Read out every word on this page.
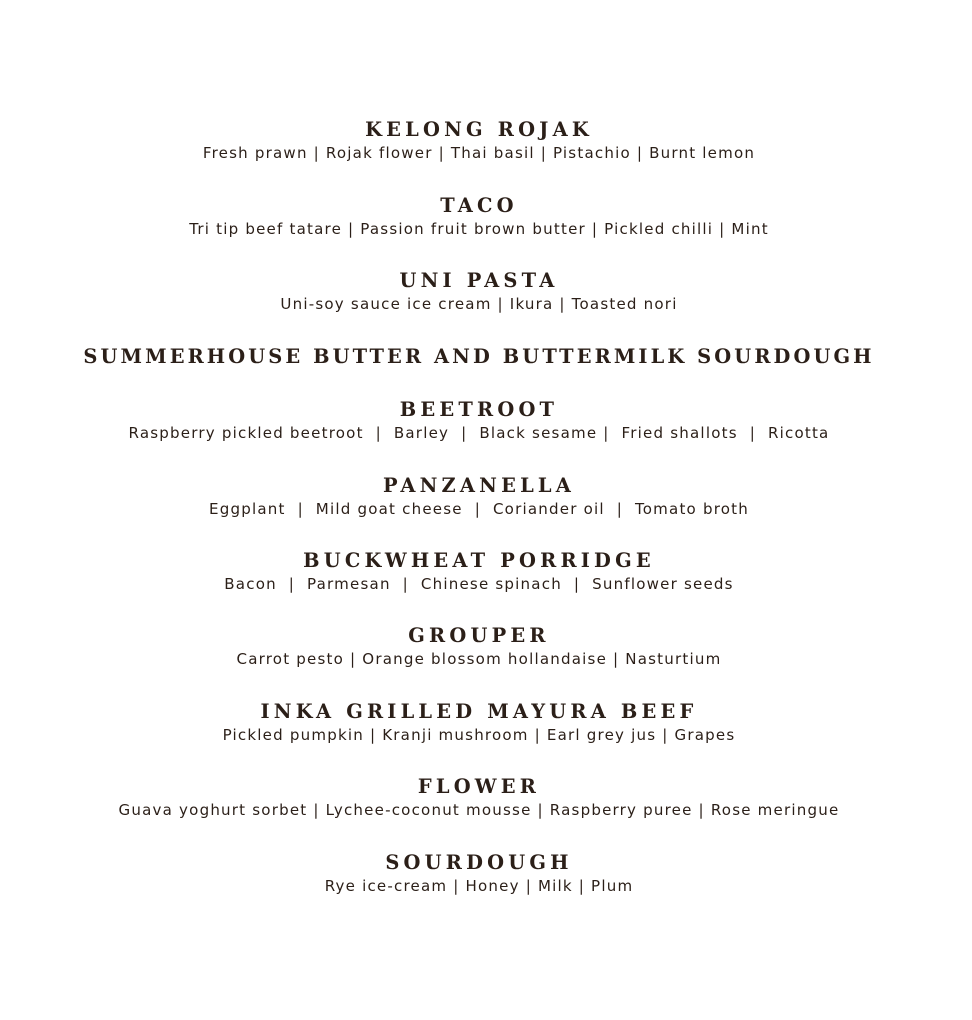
KELONG ROJAK
Fresh prawn | Rojak flower | Thai basil | Pistachio | Burnt lemon
TACO
Tri tip beef tatare | Passion fruit brown butter | Pickled chilli | Mint
UNI PASTA
Uni-soy sauce ice cream | Ikura | Toasted nori
SUMMERHOUSE BUTTER AND BUTTERMILK SOURDOUGH
BEETROOT
Raspberry pickled beetroot  |  Barley  |  Black sesame |  Fried shallots  |  Ricotta
PANZANELLA
Eggplant  |  Mild goat cheese  |  Coriander oil  |  Tomato broth
BUCKWHEAT PORRIDGE
Bacon  |  Parmesan  |  Chinese spinach  |  Sunflower seeds
GROUPER
Carrot pesto | Orange blossom hollandaise | Nasturtium
INKA GRILLED MAYURA BEEF
Pickled pumpkin | Kranji mushroom | Earl grey jus | Grapes
FLOWER
Guava yoghurt sorbet | Lychee-coconut mousse | Raspberry puree | Rose meringue
SOURDOUGH
Rye ice-cream | Honey | Milk | Plum
